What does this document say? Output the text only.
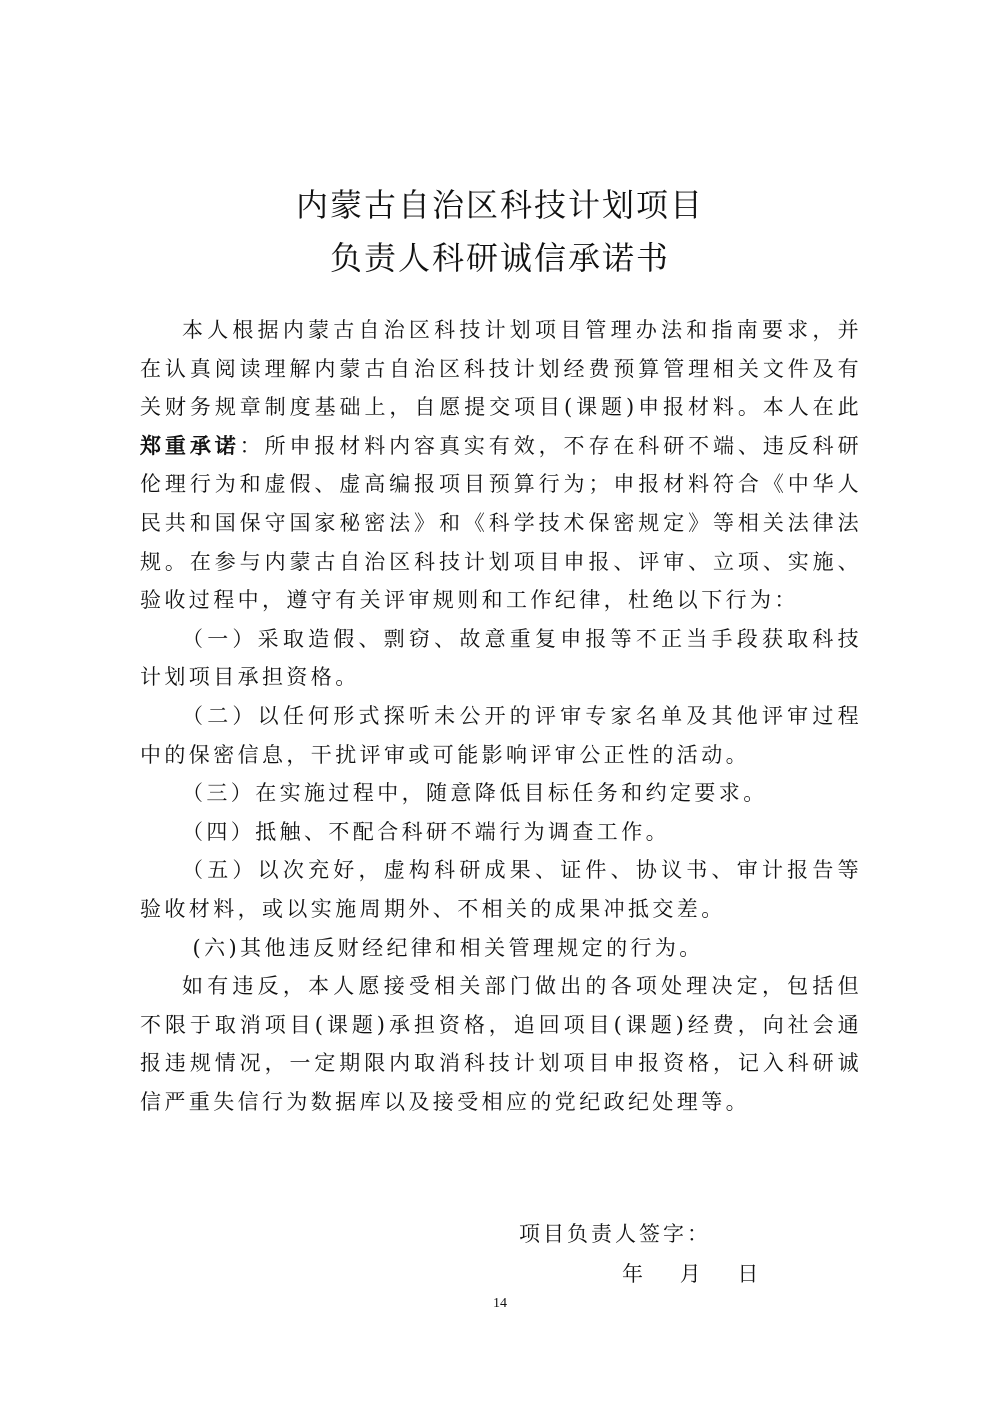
内蒙古自治区科技计划项目
负责人科研诚信承诺书

本人根据内蒙古自治区科技计划项目管理办法和指南要求，并在认真阅读理解内蒙古自治区科技计划经费预算管理相关文件及有关财务规章制度基础上，自愿提交项目(课题)申报材料。本人在此郑重承诺：所申报材料内容真实有效，不存在科研不端、违反科研伦理行为和虚假、虚高编报项目预算行为；申报材料符合《中华人民共和国保守国家秘密法》和《科学技术保密规定》等相关法律法规。在参与内蒙古自治区科技计划项目申报、评审、立项、实施、验收过程中，遵守有关评审规则和工作纪律，杜绝以下行为：

（一）采取造假、剽窃、故意重复申报等不正当手段获取科技计划项目承担资格。

（二）以任何形式探听未公开的评审专家名单及其他评审过程中的保密信息，干扰评审或可能影响评审公正性的活动。

（三）在实施过程中，随意降低目标任务和约定要求。

（四）抵触、不配合科研不端行为调查工作。

（五）以次充好，虚构科研成果、证件、协议书、审计报告等验收材料，或以实施周期外、不相关的成果冲抵交差。

(六)其他违反财经纪律和相关管理规定的行为。

如有违反，本人愿接受相关部门做出的各项处理决定，包括但不限于取消项目(课题)承担资格，追回项目(课题)经费，向社会通报违规情况，一定期限内取消科技计划项目申报资格，记入科研诚信严重失信行为数据库以及接受相应的党纪政纪处理等。

项目负责人签字：
年 月 日
14
